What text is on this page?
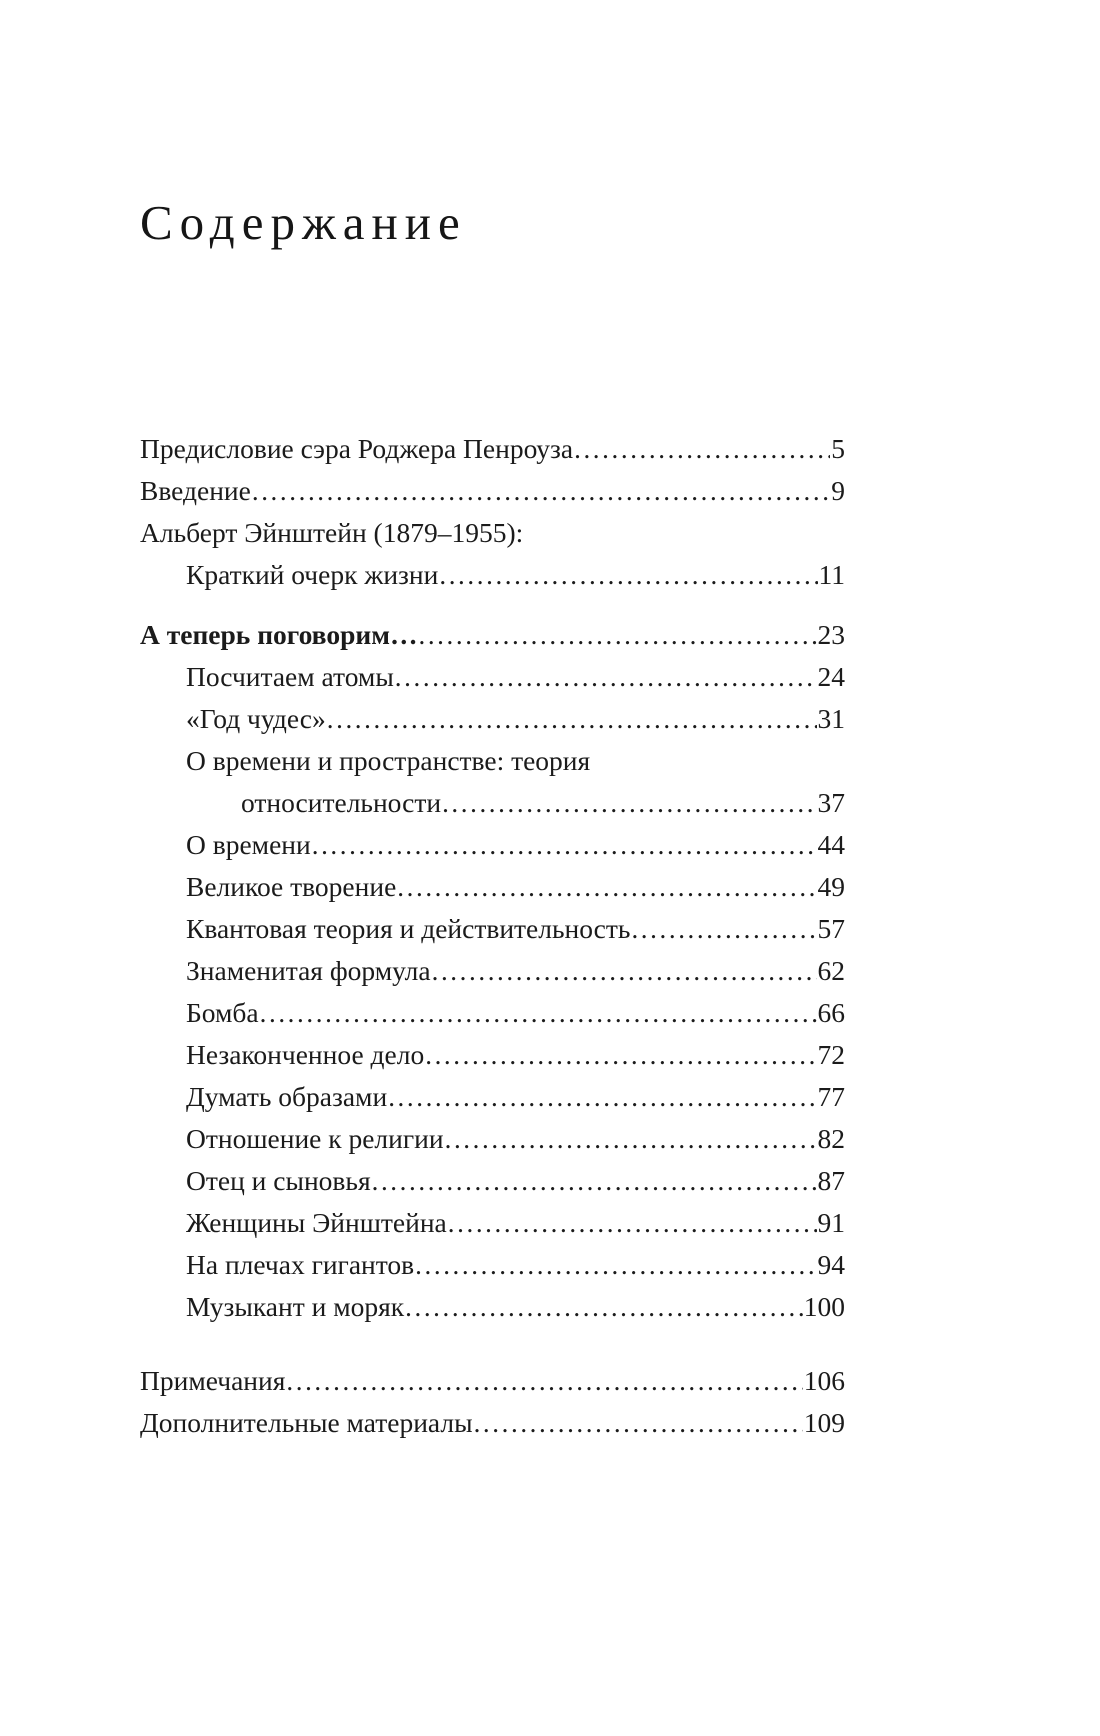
Содержание
Предисловие сэра Роджера Пенроуза .....	5
Введение .....	9
Альберт Эйнштейн (1879–1955):
Краткий очерк жизни .....	11
А теперь поговорим… .....	23
Посчитаем атомы .....	24
«Год чудес» .....	31
О времени и пространстве: теория
относительности .....	37
О времени .....	44
Великое творение .....	49
Квантовая теория и действительность .....	57
Знаменитая формула .....	62
Бомба .....	66
Незаконченное дело .....	72
Думать образами .....	77
Отношение к религии .....	82
Отец и сыновья .....	87
Женщины Эйнштейна .....	91
На плечах гигантов .....	94
Музыкант и моряк .....	100
Примечания .....	106
Дополнительные материалы .....	109
